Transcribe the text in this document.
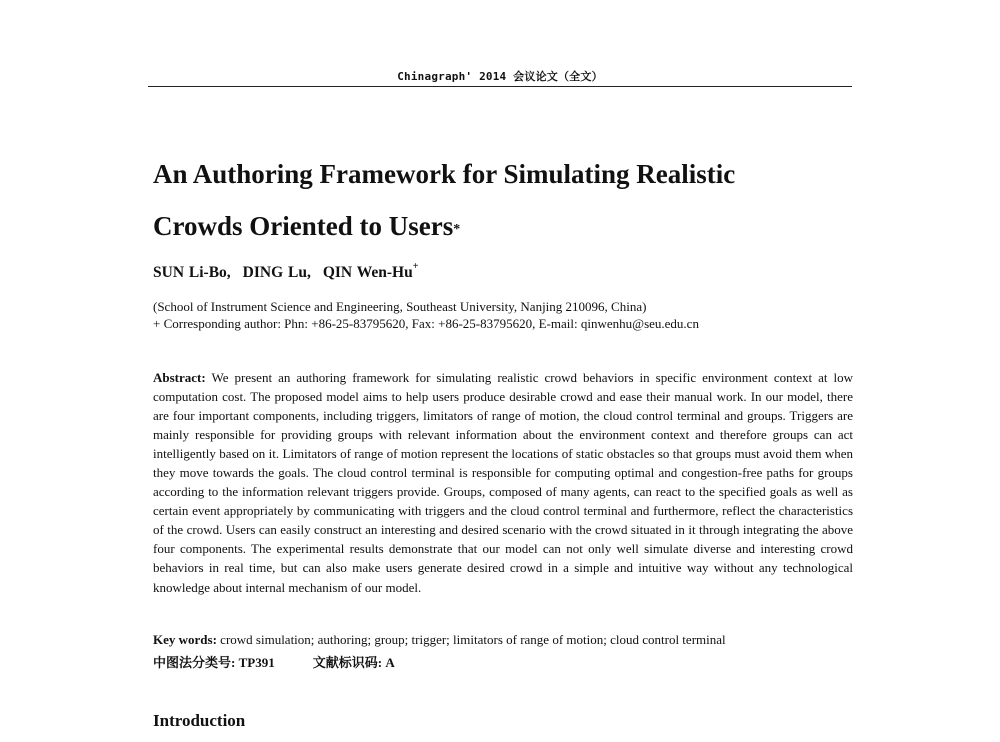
Chinagraph' 2014 会议论文（全文）
An Authoring Framework for Simulating Realistic
Crowds Oriented to Users*
SUN Li-Bo, DING Lu, QIN Wen-Hu+
(School of Instrument Science and Engineering, Southeast University, Nanjing 210096, China)
+ Corresponding author: Phn: +86-25-83795620, Fax: +86-25-83795620, E-mail: qinwenhu@seu.edu.cn

Abstract: We present an authoring framework for simulating realistic crowd behaviors in specific environment context at low computation cost. The proposed model aims to help users produce desirable crowd and ease their manual work. In our model, there are four important components, including triggers, limitators of range of motion, the cloud control terminal and groups. Triggers are mainly responsible for providing groups with relevant information about the environment context and therefore groups can act intelligently based on it. Limitators of range of motion represent the locations of static obstacles so that groups must avoid them when they move towards the goals. The cloud control terminal is responsible for computing optimal and congestion-free paths for groups according to the information relevant triggers provide. Groups, composed of many agents, can react to the specified goals as well as certain event appropriately by communicating with triggers and the cloud control terminal and furthermore, reflect the characteristics of the crowd. Users can easily construct an interesting and desired scenario with the crowd situated in it through integrating the above four components. The experimental results demonstrate that our model can not only well simulate diverse and interesting crowd behaviors in real time, but can also make users generate desired crowd in a simple and intuitive way without any technological knowledge about internal mechanism of our model.

Key words: crowd simulation; authoring; group; trigger; limitators of range of motion; cloud control terminal
中图法分类号: TP391	文献标识码: A
Introduction
